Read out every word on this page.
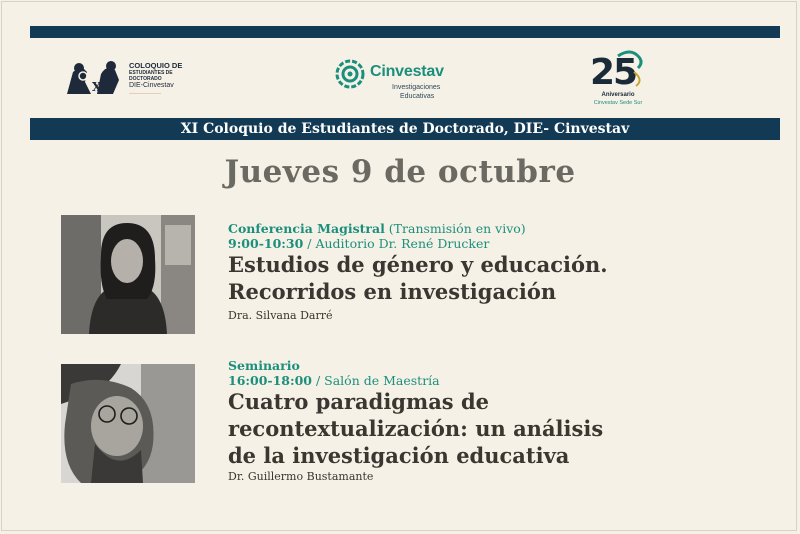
XI
COLOQUIO DE
ESTUDIANTES DE DOCTORADO
DIE-Cinvestav
————————
Cinvestav
Investigaciones
Educativas
25
Aniversario
Cinvestav Sede Sur
XI Coloquio de Estudiantes de Doctorado, DIE- Cinvestav
Jueves 9 de octubre
Conferencia Magistral (Transmisión en vivo)
9:00-10:30 / Auditorio Dr. René Drucker
Estudios de género y educación.
Recorridos en investigación
Dra. Silvana Darré
Seminario
16:00-18:00 / Salón de Maestría
Cuatro paradigmas de
recontextualización: un análisis
de la investigación educativa
Dr. Guillermo Bustamante
